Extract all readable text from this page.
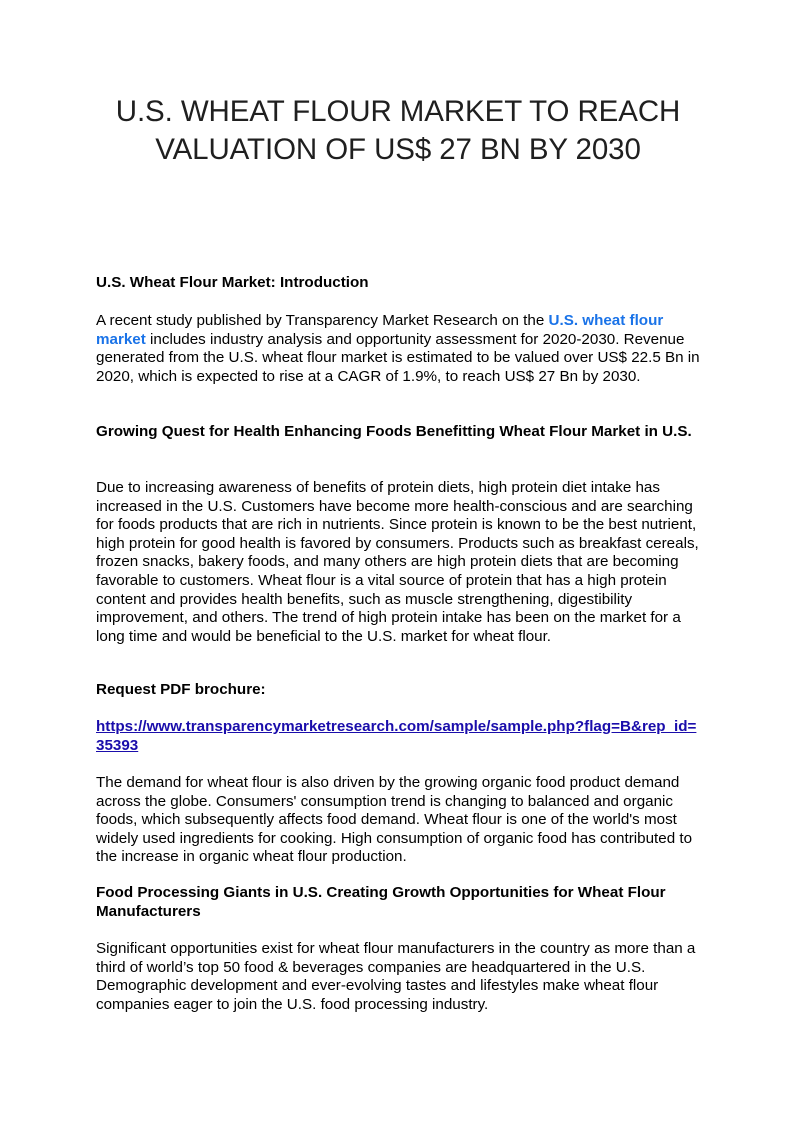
U.S. WHEAT FLOUR MARKET TO REACH VALUATION OF US$ 27 BN BY 2030

U.S. Wheat Flour Market: Introduction

A recent study published by Transparency Market Research on the U.S. wheat flour market includes industry analysis and opportunity assessment for 2020-2030. Revenue generated from the U.S. wheat flour market is estimated to be valued over US$ 22.5 Bn in 2020, which is expected to rise at a CAGR of 1.9%, to reach US$ 27 Bn by 2030.

Growing Quest for Health Enhancing Foods Benefitting Wheat Flour Market in U.S.

Due to increasing awareness of benefits of protein diets, high protein diet intake has increased in the U.S. Customers have become more health-conscious and are searching for foods products that are rich in nutrients. Since protein is known to be the best nutrient, high protein for good health is favored by consumers. Products such as breakfast cereals, frozen snacks, bakery foods, and many others are high protein diets that are becoming favorable to customers. Wheat flour is a vital source of protein that has a high protein content and provides health benefits, such as muscle strengthening, digestibility improvement, and others. The trend of high protein intake has been on the market for a long time and would be beneficial to the U.S. market for wheat flour.

Request PDF brochure:

https://www.transparencymarketresearch.com/sample/sample.php?flag=B&rep_id=35393

The demand for wheat flour is also driven by the growing organic food product demand across the globe. Consumers' consumption trend is changing to balanced and organic foods, which subsequently affects food demand. Wheat flour is one of the world's most widely used ingredients for cooking. High consumption of organic food has contributed to the increase in organic wheat flour production.

Food Processing Giants in U.S. Creating Growth Opportunities for Wheat Flour Manufacturers

Significant opportunities exist for wheat flour manufacturers in the country as more than a third of world’s top 50 food & beverages companies are headquartered in the U.S. Demographic development and ever-evolving tastes and lifestyles make wheat flour companies eager to join the U.S. food processing industry.
